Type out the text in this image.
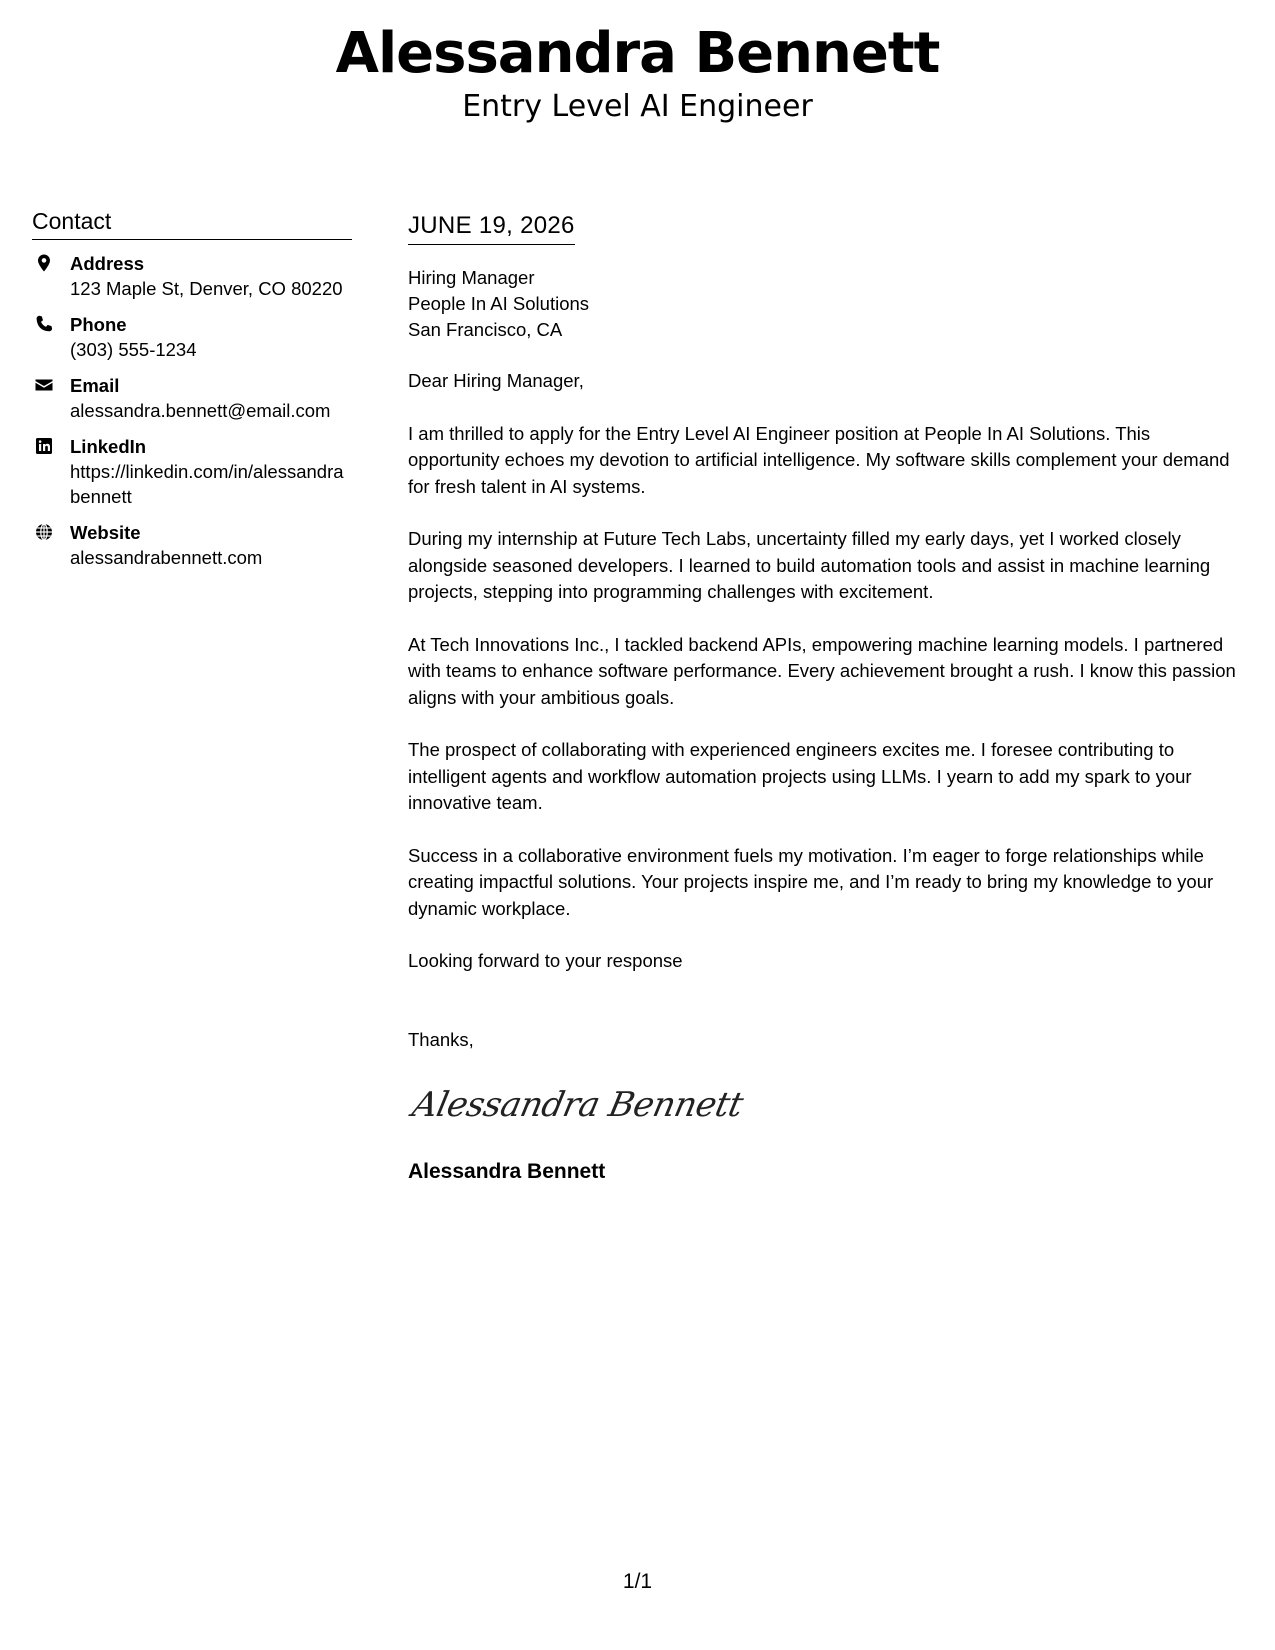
Alessandra Bennett
Entry Level AI Engineer
Contact
Address
123 Maple St, Denver, CO 80220
Phone
(303) 555-1234
Email
alessandra.bennett@email.com
LinkedIn
https://linkedin.com/in/alessandrabennett
Website
alessandrabennett.com
JUNE 19, 2026
Hiring Manager
People In AI Solutions
San Francisco, CA
Dear Hiring Manager,
I am thrilled to apply for the Entry Level AI Engineer position at People In AI Solutions. This opportunity echoes my devotion to artificial intelligence. My software skills complement your demand for fresh talent in AI systems.
During my internship at Future Tech Labs, uncertainty filled my early days, yet I worked closely alongside seasoned developers. I learned to build automation tools and assist in machine learning projects, stepping into programming challenges with excitement.
At Tech Innovations Inc., I tackled backend APIs, empowering machine learning models. I partnered with teams to enhance software performance. Every achievement brought a rush. I know this passion aligns with your ambitious goals.
The prospect of collaborating with experienced engineers excites me. I foresee contributing to intelligent agents and workflow automation projects using LLMs. I yearn to add my spark to your innovative team.
Success in a collaborative environment fuels my motivation. I’m eager to forge relationships while creating impactful solutions. Your projects inspire me, and I’m ready to bring my knowledge to your dynamic workplace.
Looking forward to your response
Thanks,
Alessandra Bennett
Alessandra Bennett
1/1
